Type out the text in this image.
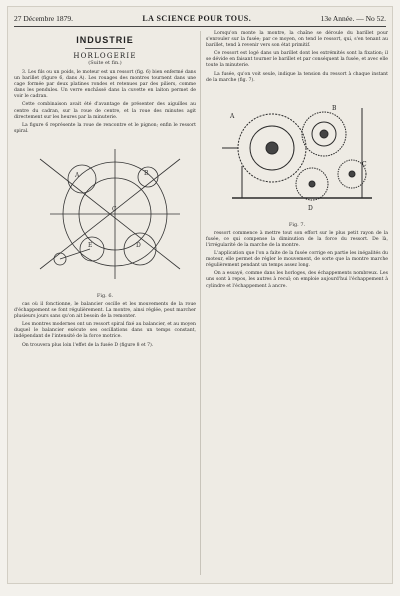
27 Décembre 1879.	LA SCIENCE POUR TOUS.	13e Année. — No 52.
INDUSTRIE
HORLOGERIE
(Suite et fin.)

3. Les fils ou un poids, le moteur est un ressort (fig. 6) bien enfermé dans un barillet (figure 6, dans A). Les rouages des montres tournent dans une cage formée par deux platines rondes et retenues par des piliers, comme dans les pendules. Un verre enchâssé dans la cuvette en laiton permet de voir le cadran.

Cette combinaison avait été d'avantage de présenter des aiguilles au centre du cadran, sur la roue de centre, et la roue des minutes agit directement sur les heures par la minuterie.

La figure 6 représente la roue de rencontre et le pignon; enfin le ressort spiral.

A	B
C
D
E
Fig. 6.

cas où il fonctionne, le balancier oscille et les mouvements de la roue d'échappement se font régulièrement. La montre, ainsi réglée, peut marcher plusieurs jours sans qu'on ait besoin de la remonter.

Les montres modernes ont un ressort spiral fixé au balancier, et au moyen duquel le balancier exécute ses oscillations dans un temps constant, indépendant de l'intensité de la force motrice.

On trouvera plus loin l'effet de la fusée D (figure 8 et 7).

Lorsqu'on monte la montre, la chaîne se déroule du barillet pour s'enrouler sur la fusée; par ce moyen, on tend le ressort, qui, s'en tenant au barillet, tend à revenir vers son état primitif.

Ce ressort est logé dans un barillet dont les extrémités sont la fixation; il se dévide en faisant tourner le barillet et par conséquent la fusée, et avec elle toute la minuterie.

La fusée, qu'on voit seule, indique la tension du ressort à chaque instant de la marche (fig. 7).

A
B
C
D
Fig. 7.

ressort commence à mettre tout son effort sur le plus petit rayon de la fusée, ce qui compense la diminution de la force du ressort. De là, l'irrégularité de la marche de la montre.

L'application que l'on a faite de la fusée corrige en partie les inégalités du moteur, elle permet de régler le mouvement, de sorte que la montre marche régulièrement pendant un temps assez long.

On a essayé, comme dans les horloges, des échappements nombreux. Les uns sont à repos, les autres à recul; on emploie aujourd'hui l'échappement à cylindre et l'échappement à ancre.
